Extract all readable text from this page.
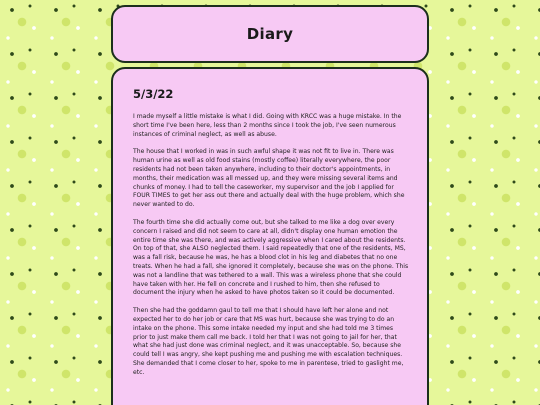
Diary
5/3/22

I made myself a little mistake is what I did. Going with KRCC was a huge mistake. In the short time I've been here, less than 2 months since I took the job, I've seen numerous instances of criminal neglect, as well as abuse.

The house that I worked in was in such awful shape it was not fit to live in. There was human urine as well as old food stains (mostly coffee) literally everywhere, the poor residents had not been taken anywhere, including to their doctor's appointments, in months, their medication was all messed up, and they were missing several items and chunks of money. I had to tell the caseworker, my supervisor and the job I applied for FOUR TIMES to get her ass out there and actually deal with the huge problem, which she never wanted to do.

The fourth time she did actually come out, but she talked to me like a dog over every concern I raised and did not seem to care at all, didn't display one human emotion the entire time she was there, and was actively aggressive when I cared about the residents. On top of that, she ALSO neglected them. I said repeatedly that one of the residents, MS, was a fall risk, because he was, he has a blood clot in his leg and diabetes that no one treats. When he had a fall, she ignored it completely, because she was on the phone. This was not a landline that was tethered to a wall. This was a wireless phone that she could have taken with her. He fell on concrete and I rushed to him, then she refused to document the injury when he asked to have photos taken so it could be documented.

Then she had the goddamn gaul to tell me that I should have left her alone and not expected her to do her job or care that MS was hurt, because she was trying to do an intake on the phone. This some intake needed my input and she had told me 3 times prior to just make them call me back. I told her that I was not going to jail for her, that what she had just done was criminal neglect, and it was unacceptable. So, because she could tell I was angry, she kept pushing me and pushing me with escalation techniques. She demanded that I come closer to her, spoke to me in parentese, tried to gaslight me, etc.
